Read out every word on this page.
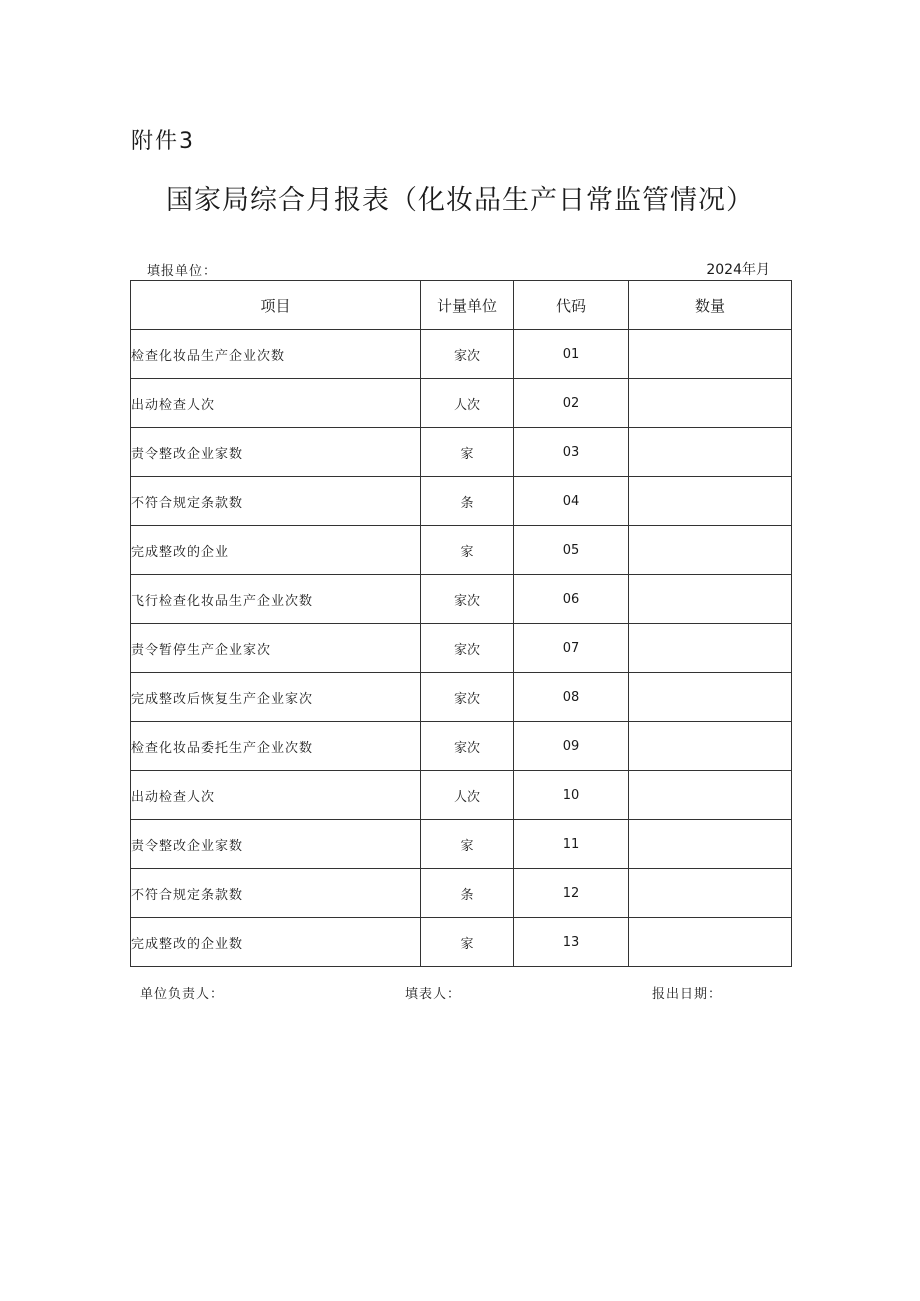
附件3
国家局综合月报表（化妆品生产日常监管情况）
填报单位：	2024年月
项目	计量单位	代码	数量
检查化妆品生产企业次数	家次	01	
出动检查人次	人次	02	
责令整改企业家数	家	03	
不符合规定条款数	条	04	
完成整改的企业	家	05	
飞行检查化妆品生产企业次数	家次	06	
责令暂停生产企业家次	家次	07	
完成整改后恢复生产企业家次	家次	08	
检查化妆品委托生产企业次数	家次	09	
出动检查人次	人次	10	
责令整改企业家数	家	11	
不符合规定条款数	条	12	
完成整改的企业数	家	13	
单位负责人：	填表人：	报出日期：
